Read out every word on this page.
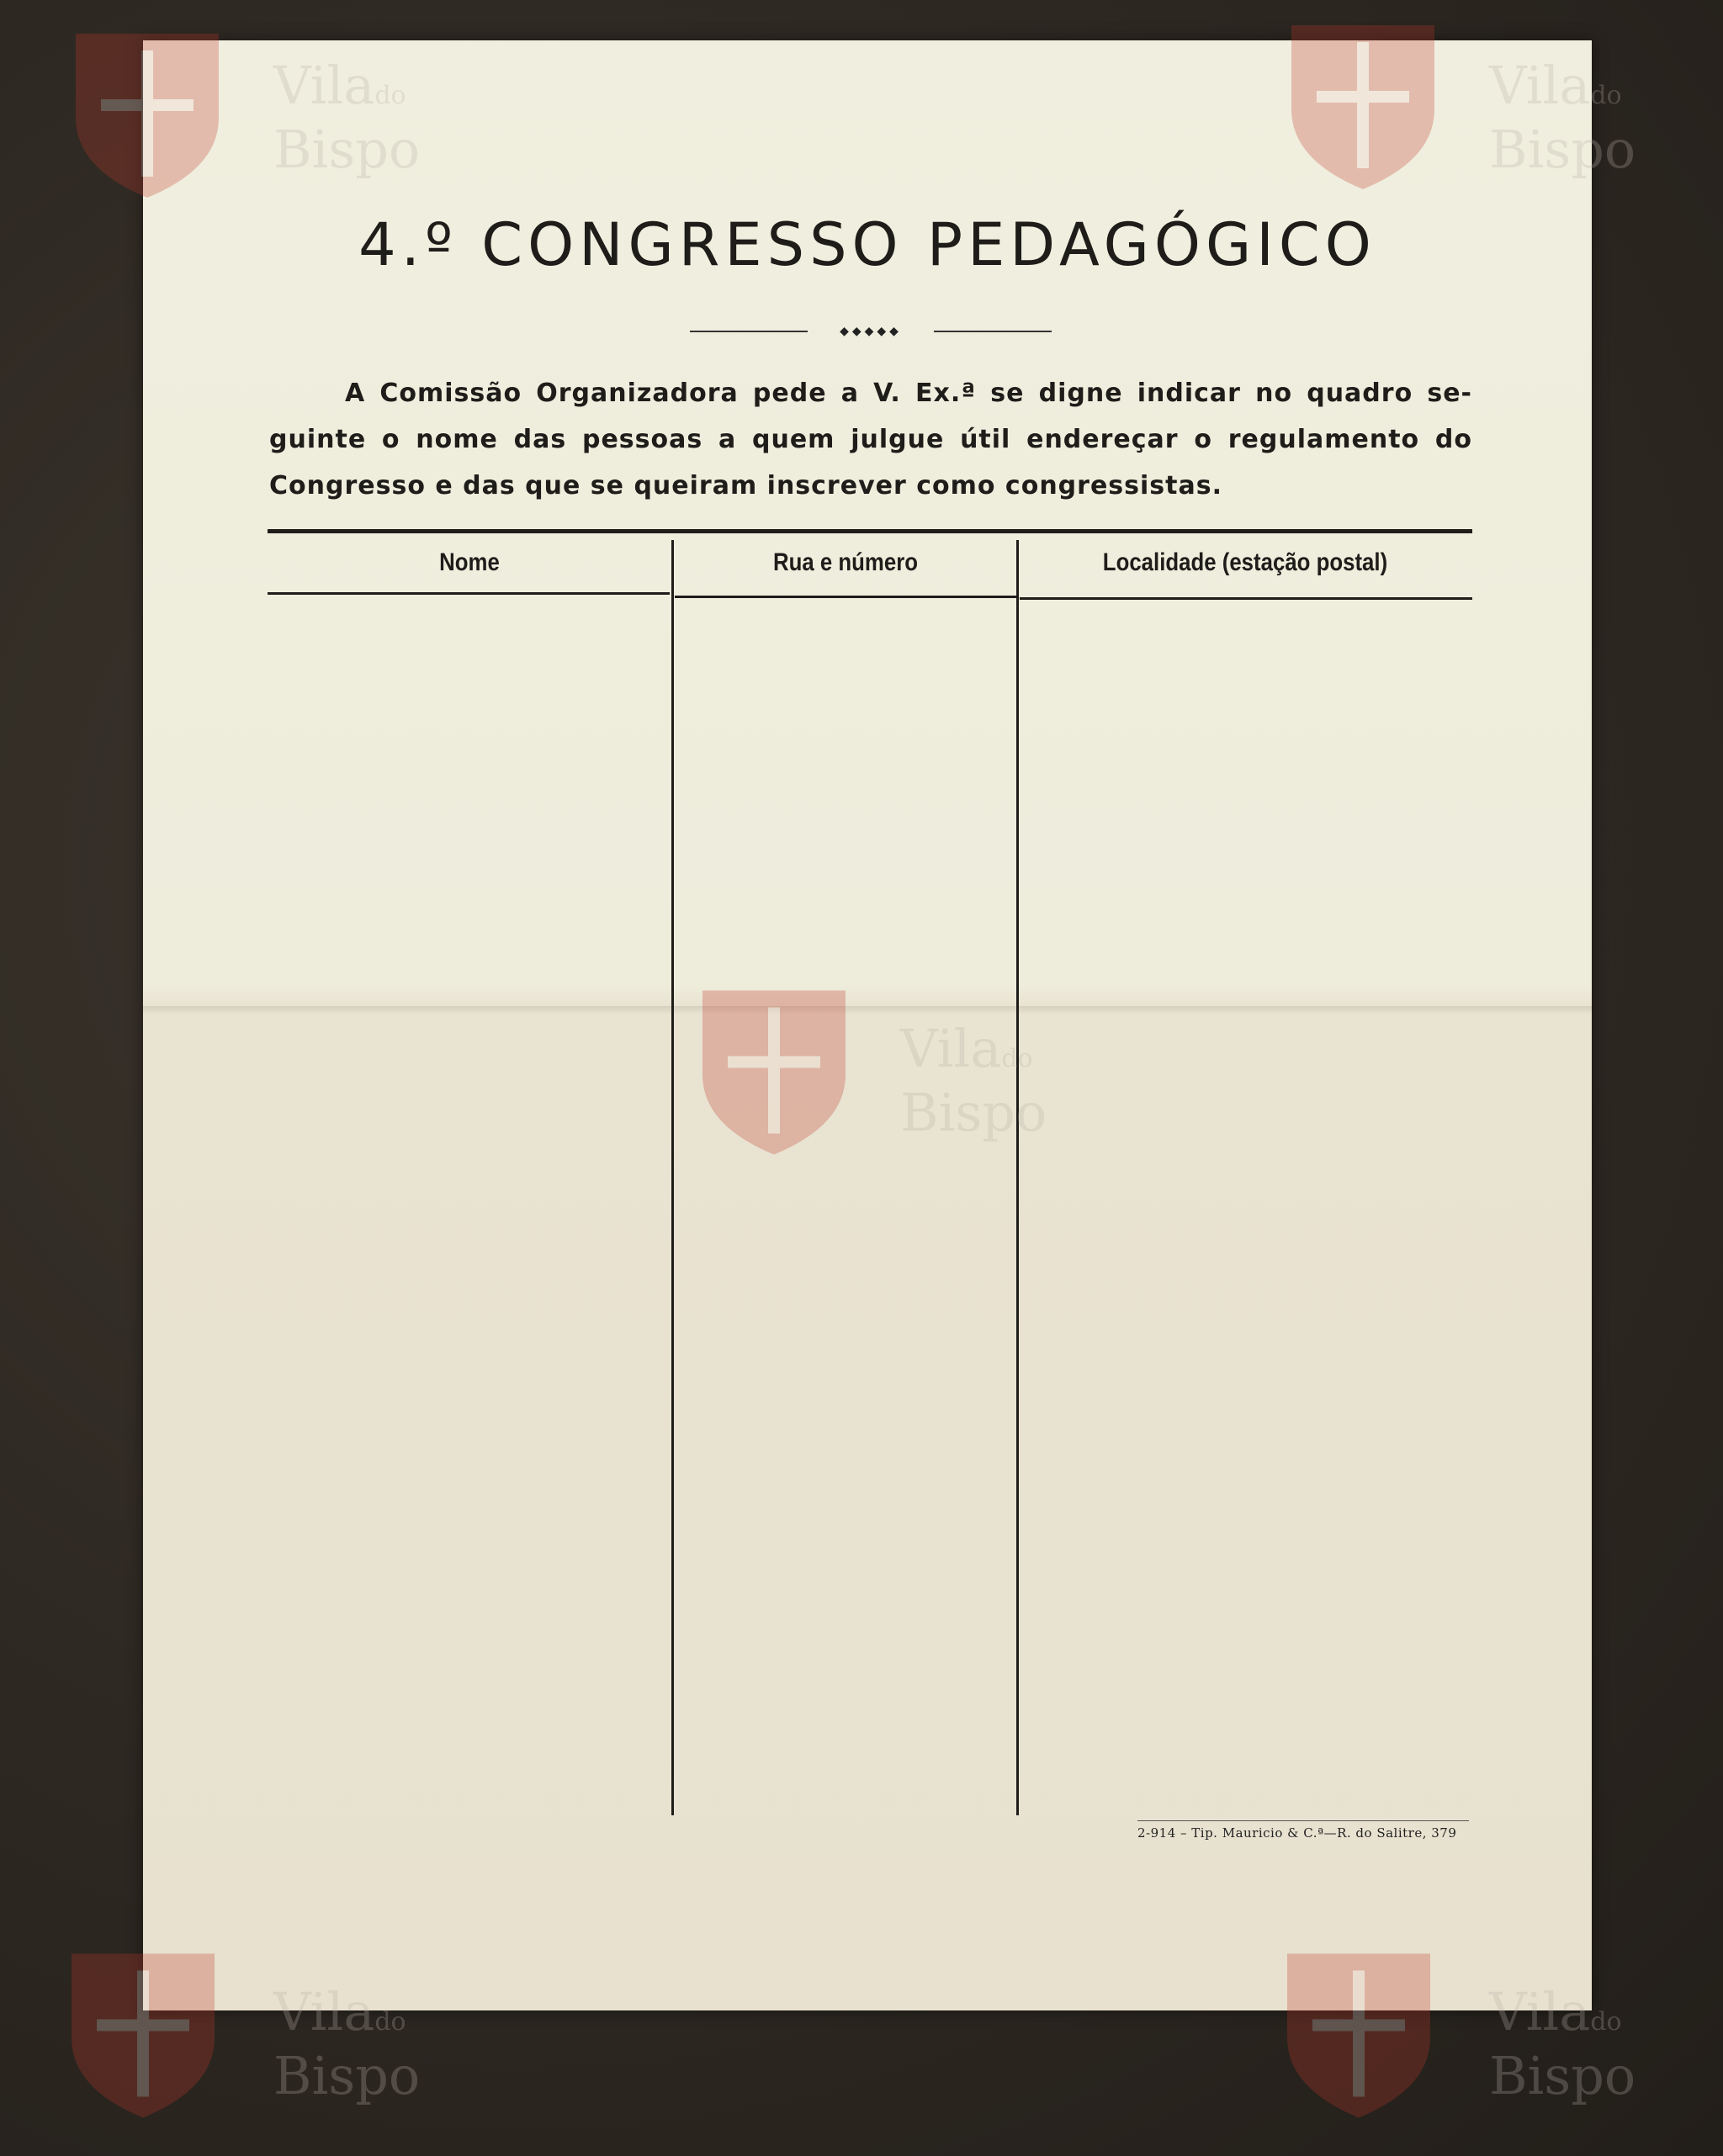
4.º CONGRESSO PEDAGÓGICO
◆◆◆◆◆
A Comissão Organizadora pede a V. Ex.ª se digne indicar no quadro se-
guinte o nome das pessoas a quem julgue útil endereçar o regulamento do
Congresso e das que se queiram inscrever como congressistas.
Nome	Rua e número	Localidade (estação postal)
2-914 – Tip. Mauricio & C.ª—R. do Salitre, 379
Vilado
Bispo
Vilado
Bispo
Vilado
Bispo
Vilado
Bispo
Vilado
Bispo
